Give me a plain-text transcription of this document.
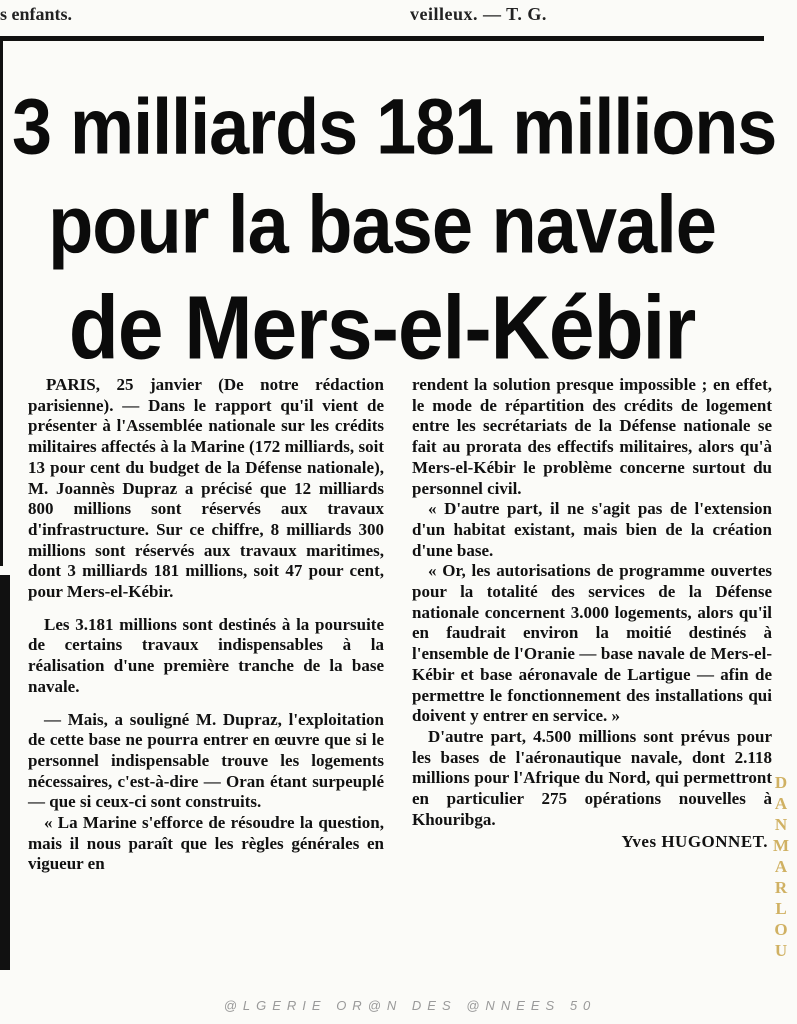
s enfants.	veilleux. — T. G.
3 milliards 181 millions
pour la base navale
de Mers-el-Kébir

PARIS, 25 janvier (De notre rédaction parisienne). — Dans le rapport qu'il vient de présenter à l'Assemblée nationale sur les crédits militaires affectés à la Marine (172 milliards, soit 13 pour cent du budget de la Défense nationale), M. Joannès Dupraz a précisé que 12 milliards 800 millions sont réservés aux travaux d'infrastructure. Sur ce chiffre, 8 milliards 300 millions sont réservés aux travaux maritimes, dont 3 milliards 181 millions, soit 47 pour cent, pour Mers-el-Kébir.

Les 3.181 millions sont destinés à la poursuite de certains travaux indispensables à la réalisation d'une première tranche de la base navale.

— Mais, a souligné M. Dupraz, l'exploitation de cette base ne pourra entrer en œuvre que si le personnel indispensable trouve les logements nécessaires, c'est-à-dire — Oran étant surpeuplé — que si ceux-ci sont construits.

« La Marine s'efforce de résoudre la question, mais il nous paraît que les règles générales en vigueur en

rendent la solution presque impossible ; en effet, le mode de répartition des crédits de logement entre les secrétariats de la Défense nationale se fait au prorata des effectifs militaires, alors qu'à Mers-el-Kébir le problème concerne surtout du personnel civil.

« D'autre part, il ne s'agit pas de l'extension d'un habitat existant, mais bien de la création d'une base.

« Or, les autorisations de programme ouvertes pour la totalité des services de la Défense nationale concernent 3.000 logements, alors qu'il en faudrait environ la moitié destinés à l'ensemble de l'Oranie — base navale de Mers-el-Kébir et base aéronavale de Lartigue — afin de permettre le fonctionnement des installations qui doivent y entrer en service. »

D'autre part, 4.500 millions sont prévus pour les bases de l'aéronautique navale, dont 2.118 millions pour l'Afrique du Nord, qui permettront en particulier 275 opérations nouvelles à Khouribga.

Yves HUGONNET.
D
A
N
M
A
R
L
O
U
@LGERIE OR@N DES @NNEES 50
